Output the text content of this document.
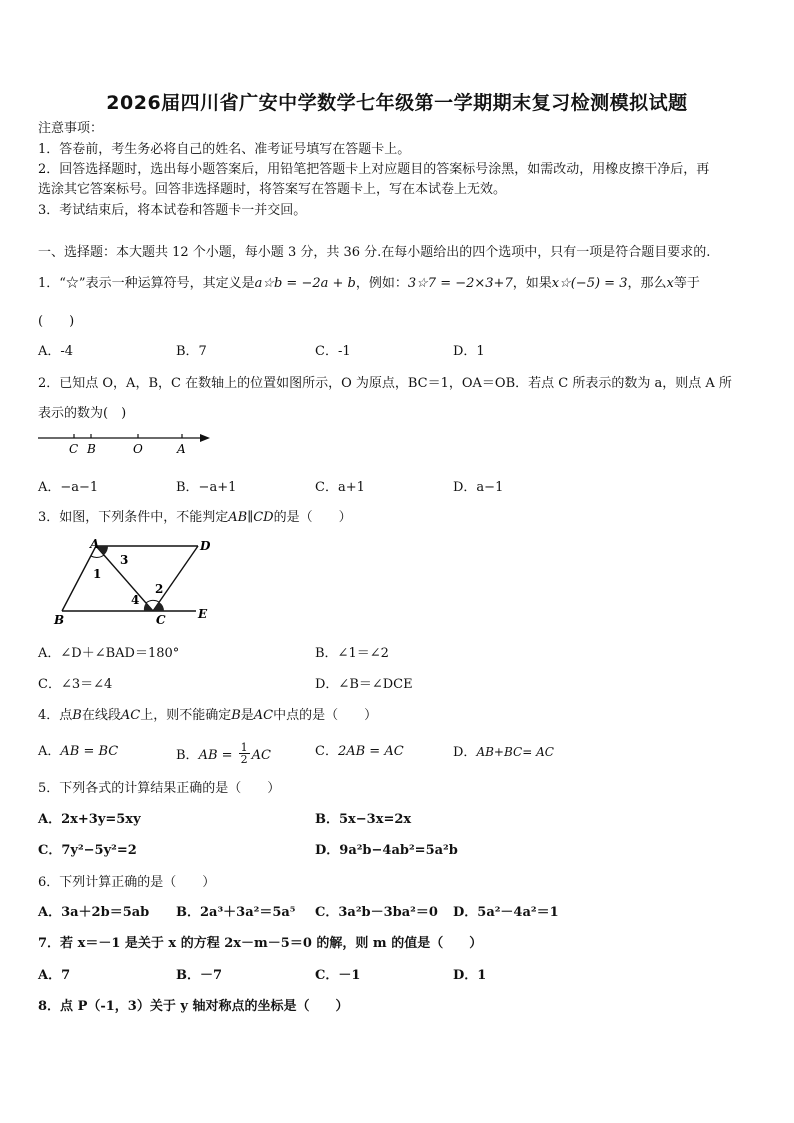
2026届四川省广安中学数学七年级第一学期期末复习检测模拟试题
注意事项：
1．答卷前，考生务必将自己的姓名、准考证号填写在答题卡上。
2．回答选择题时，选出每小题答案后，用铅笔把答题卡上对应题目的答案标号涂黑，如需改动，用橡皮擦干净后，再
选涂其它答案标号。回答非选择题时，将答案写在答题卡上，写在本试卷上无效。
3．考试结束后，将本试卷和答题卡一并交回。
一、选择题：本大题共 12 个小题，每小题 3 分，共 36 分.在每小题给出的四个选项中，只有一项是符合题目要求的.
1．“☆”表示一种运算符号，其定义是a☆b = −2a + b，例如：3☆7 = −2×3+7，如果x☆(−5) = 3，那么x等于
(　　)
A．-4	B．7	C．-1	D．1
2．已知点 O，A，B，C 在数轴上的位置如图所示，O 为原点，BC＝1，OA＝OB．若点 C 所表示的数为 a，则点 A 所
表示的数为(　)
C B	O	A
A．−a−1	B．−a+1	C．a+1	D．a−1
3．如图，下列条件中，不能判定AB∥CD的是（　　）
A	D
B	C	E
1
3
2
4
A．∠D＋∠BAD＝180°	B．∠1＝∠2
C．∠3＝∠4	D．∠B＝∠DCE
4．点B在线段AC上，则不能确定B是AC中点的是（　　）
A．AB = BC	B．AB = $\frac{1}{2}$ AC	C．2AB = AC	D．AB+BC= AC
5．下列各式的计算结果正确的是（　　）
A．2x+3y=5xy	B．5x−3x=2x
C．7y²−5y²=2	D．9a²b−4ab²=5a²b
6．下列计算正确的是（　　）
A．3a＋2b＝5ab B．2a³＋3a²＝5a⁵ C．3a²b－3ba²＝0 D．5a²－4a²＝1
7．若 x＝－1 是关于 x 的方程 2x－m－5＝0 的解，则 m 的值是（　　）
A．7	B．－7	C．－1	D．1
8．点 P（-1，3）关于 y 轴对称点的坐标是（　　）
